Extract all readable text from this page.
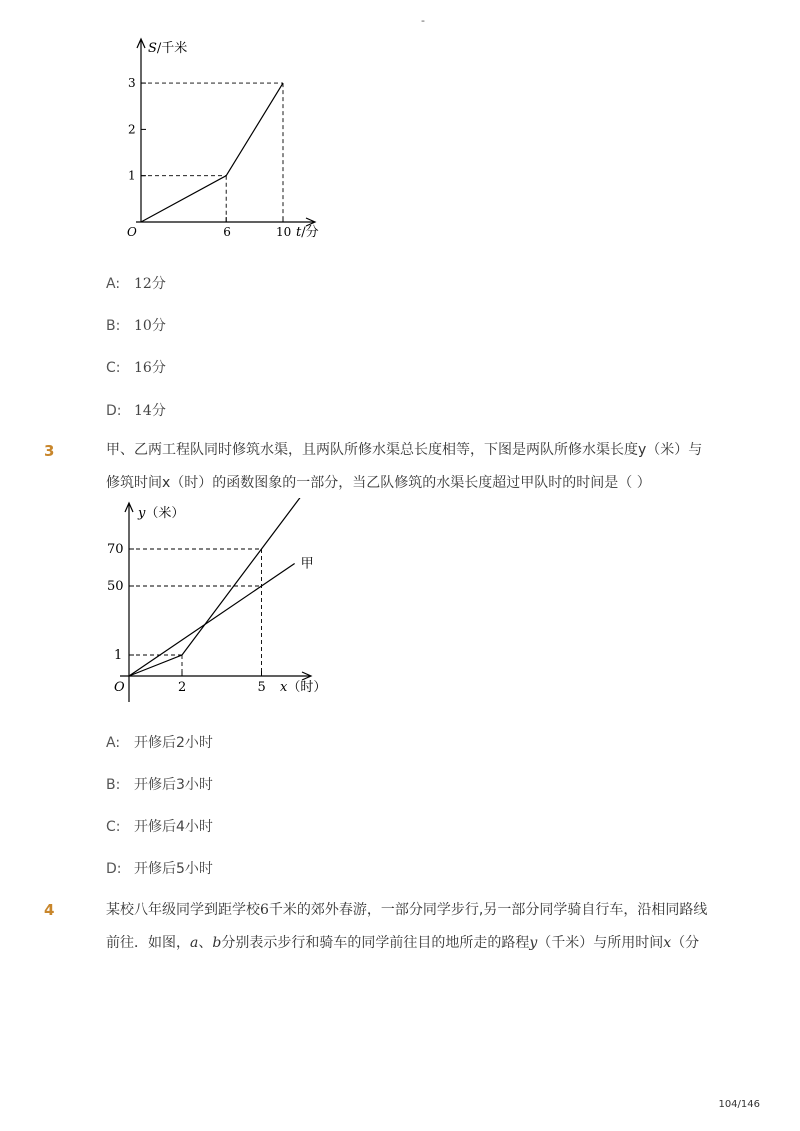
-
1
2
3
6	10
S/千米
t/分
O
A: 12分
B: 10分
C: 16分
D: 14分
3	甲、乙两工程队同时修筑水渠，且两队所修水渠总长度相等，下图是两队所修水渠长度y（米）与
修筑时间x（时）的函数图象的一部分，当乙队修筑的水渠长度超过甲队时的时间是（ ）
甲
1
50
70
2	5
y（米）
x（时）
O
A: 开修后2小时
B: 开修后3小时
C: 开修后4小时
D: 开修后5小时
4	某校八年级同学到距学校6千米的郊外春游，一部分同学步行,另一部分同学骑自行车，沿相同路线
前往．如图，a、b分别表示步行和骑车的同学前往目的地所走的路程y（千米）与所用时间x（分
104/146
